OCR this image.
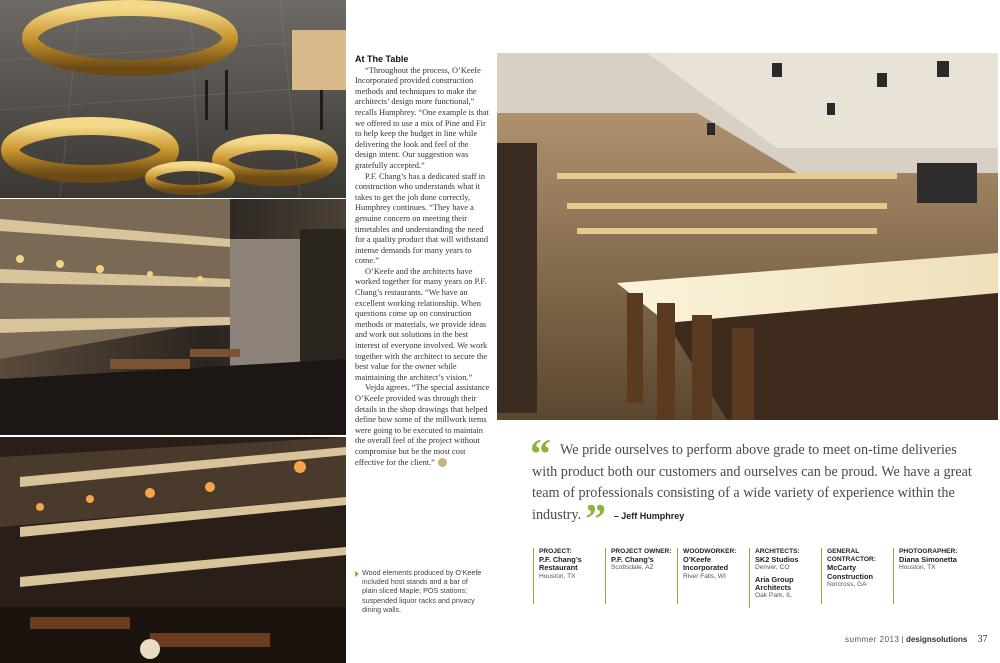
At The Table

“Throughout the process, O’Keefe Incorporated provided construction methods and techniques to make the architects’ design more functional,” recalls Humphrey. “One example is that we offered to use a mix of Pine and Fir to help keep the budget in line while delivering the look and feel of the design intent. Our suggestion was gratefully accepted.”

P.F. Chang’s has a dedicated staff in construction who understands what it takes to get the job done correctly, Humphrey continues. “They have a genuine concern on meeting their timetables and understanding the need for a quality product that will withstand intense demands for many years to come.”

O’Keefe and the architects have worked together for many years on P.F. Chang’s restaurants. “We have an excellent working relationship. When questions come up on construction methods or materials, we provide ideas and work out solutions in the best interest of everyone involved. We work together with the architect to secure the best value for the owner while maintaining the architect’s vision.”

Vejda agrees. “The special assistance O’Keefe provided was through their details in the shop drawings that helped define how some of the millwork items were going to be executed to maintain the overall feel of the project without compromise but be the most cost effective for the client.”

Wood elements produced by O’Keefe included host stands and a bar of plain sliced Maple; POS stations; suspended liquor racks and privacy dining walls.

“ We pride ourselves to perform above grade to meet on-time deliveries with product both our customers and ourselves can be proud. We have a great team of professionals consisting of a wide variety of experience within the industry.” – Jeff Humphrey
PROJECT:
P.F. Chang’s Restaurant
Houston, TX
PROJECT OWNER:
P.F. Chang’s
Scottsdale, AZ
WOODWORKER:
O’Keefe Incorporated
River Falls, WI
ARCHITECTS:
SK2 Studios
Denver, CO
Aria Group Architects
Oak Park, IL
GENERAL CONTRACTOR:
McCarty Construction
Norcross, GA
PHOTOGRAPHER:
Diana Simonetta
Houston, TX
summer 2013 | designsolutions 37
